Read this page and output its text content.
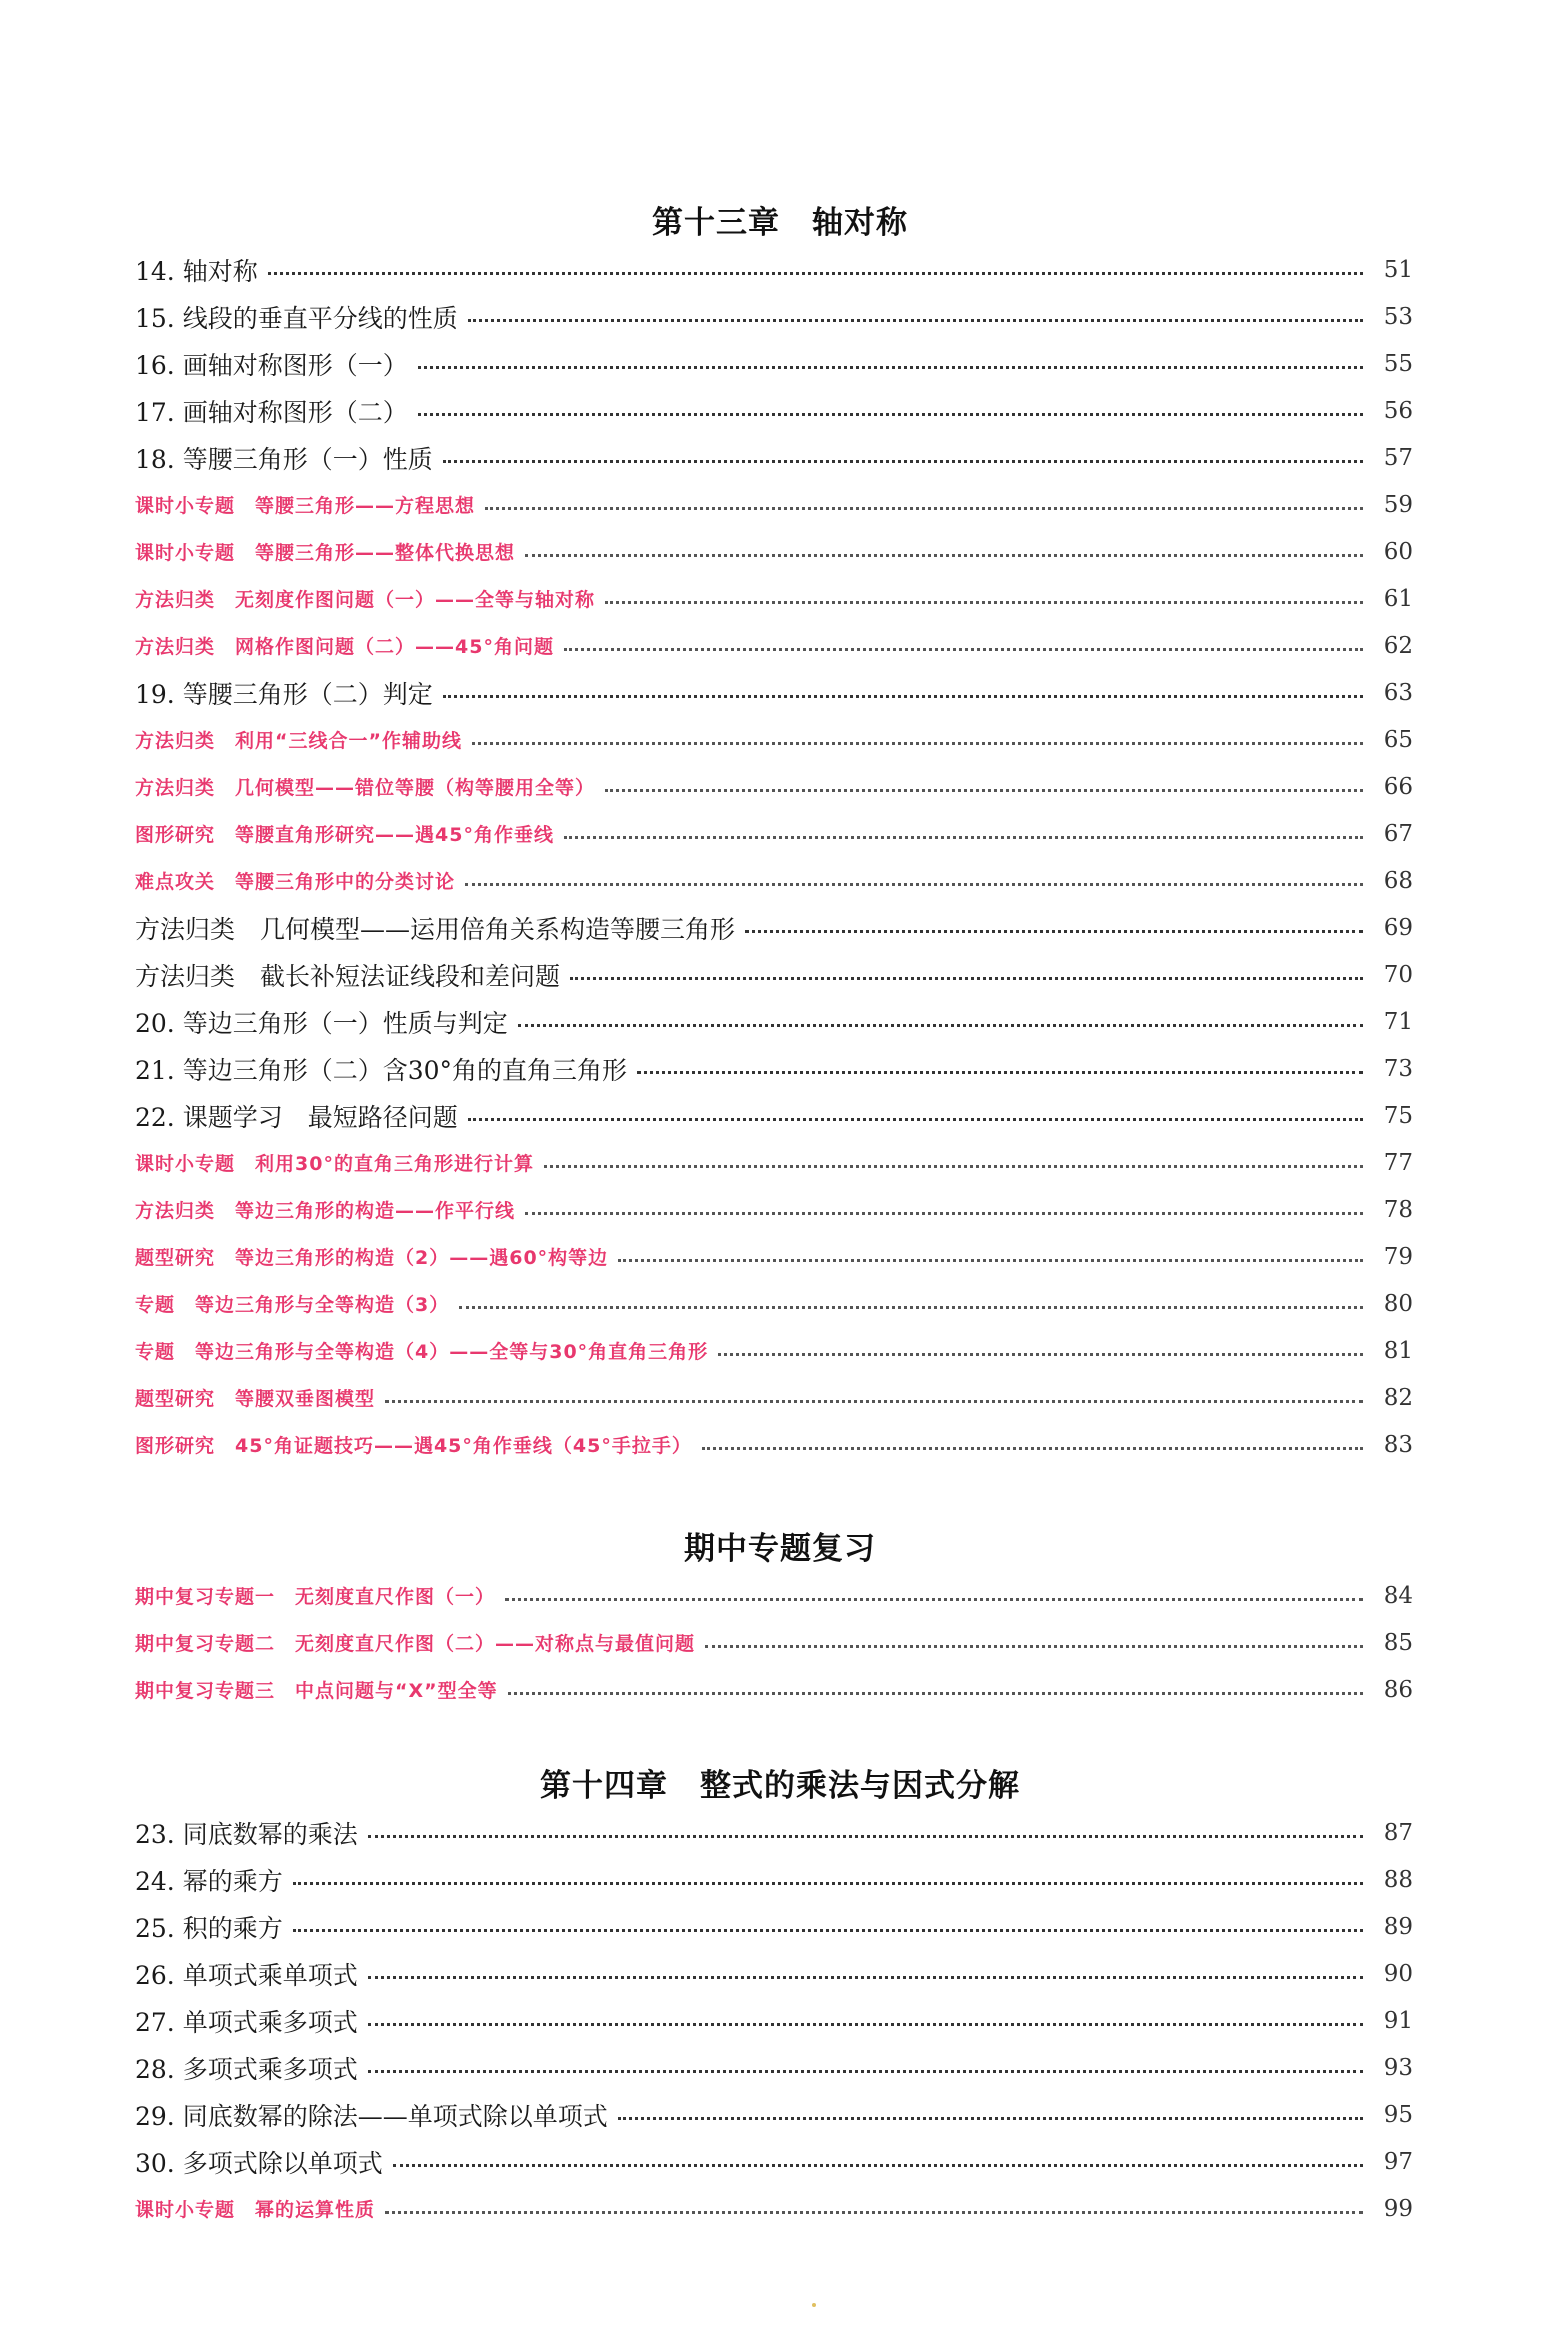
第十三章　轴对称
14. 轴对称	51
15. 线段的垂直平分线的性质	53
16. 画轴对称图形（一）	55
17. 画轴对称图形（二）	56
18. 等腰三角形（一）性质	57
课时小专题　等腰三角形——方程思想	59
课时小专题　等腰三角形——整体代换思想	60
方法归类　无刻度作图问题（一）——全等与轴对称	61
方法归类　网格作图问题（二）——45°角问题	62
19. 等腰三角形（二）判定	63
方法归类　利用“三线合一”作辅助线	65
方法归类　几何模型——错位等腰（构等腰用全等）	66
图形研究　等腰直角形研究——遇45°角作垂线	67
难点攻关　等腰三角形中的分类讨论	68
方法归类　几何模型——运用倍角关系构造等腰三角形	69
方法归类　截长补短法证线段和差问题	70
20. 等边三角形（一）性质与判定	71
21. 等边三角形（二）含30°角的直角三角形	73
22. 课题学习　最短路径问题	75
课时小专题　利用30°的直角三角形进行计算	77
方法归类　等边三角形的构造——作平行线	78
题型研究　等边三角形的构造（2）——遇60°构等边	79
专题　等边三角形与全等构造（3）	80
专题　等边三角形与全等构造（4）——全等与30°角直角三角形	81
题型研究　等腰双垂图模型	82
图形研究　45°角证题技巧——遇45°角作垂线（45°手拉手）	83
期中专题复习
期中复习专题一　无刻度直尺作图（一）	84
期中复习专题二　无刻度直尺作图（二）——对称点与最值问题	85
期中复习专题三　中点问题与“X”型全等	86
第十四章　整式的乘法与因式分解
23. 同底数幂的乘法	87
24. 幂的乘方	88
25. 积的乘方	89
26. 单项式乘单项式	90
27. 单项式乘多项式	91
28. 多项式乘多项式	93
29. 同底数幂的除法——单项式除以单项式	95
30. 多项式除以单项式	97
课时小专题　幂的运算性质	99
